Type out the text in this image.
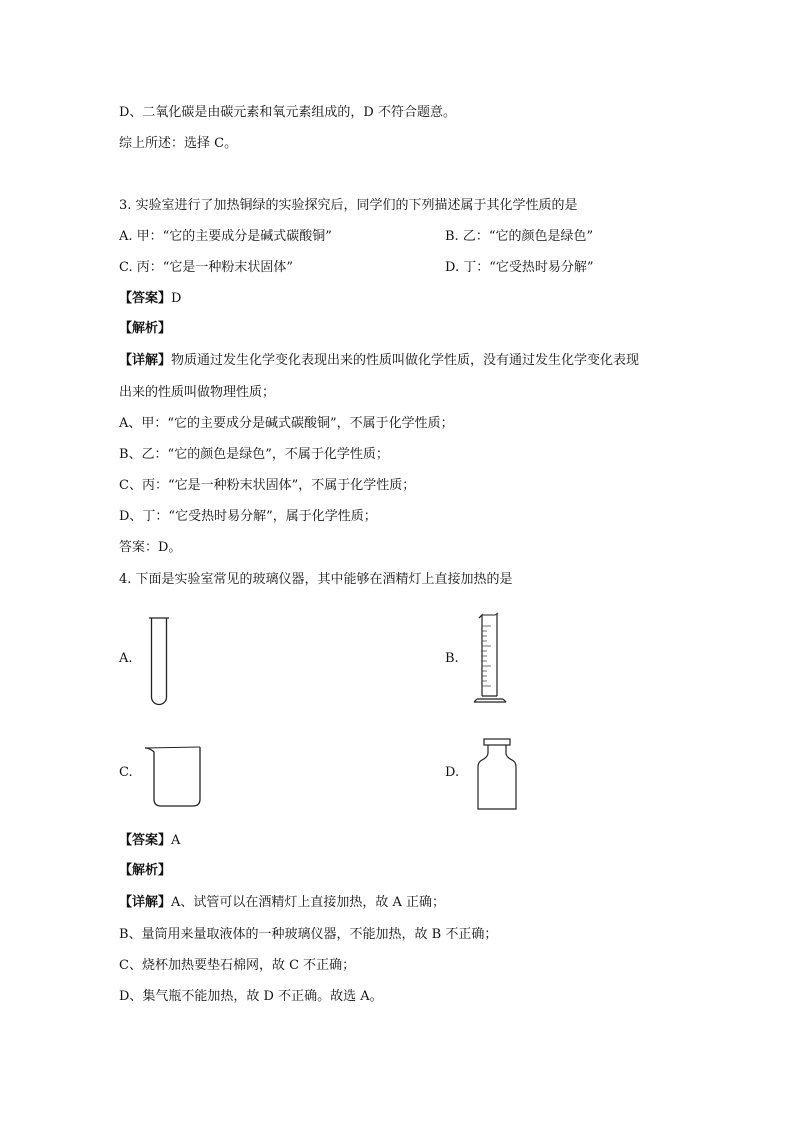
D、二氧化碳是由碳元素和氧元素组成的，D 不符合题意。
综上所述：选择 C。
3. 实验室进行了加热铜绿的实验探究后，同学们的下列描述属于其化学性质的是
A. 甲：“它的主要成分是碱式碳酸铜”	B. 乙：“它的颜色是绿色”
C. 丙：“它是一种粉末状固体”	D. 丁：“它受热时易分解”
【答案】D
【解析】
【详解】物质通过发生化学变化表现出来的性质叫做化学性质，没有通过发生化学变化表现
出来的性质叫做物理性质；
A、甲：“它的主要成分是碱式碳酸铜”，不属于化学性质；
B、乙：“它的颜色是绿色”，不属于化学性质；
C、丙：“它是一种粉末状固体”，不属于化学性质；
D、丁：“它受热时易分解”，属于化学性质；
答案：D。
4. 下面是实验室常见的玻璃仪器，其中能够在酒精灯上直接加热的是
A.	B.
C.	D.
【答案】A
【解析】
【详解】A、试管可以在酒精灯上直接加热，故 A 正确；
B、量筒用来量取液体的一种玻璃仪器，不能加热，故 B 不正确；
C、烧杯加热要垫石棉网，故 C 不正确；
D、集气瓶不能加热，故 D 不正确。故选 A。
